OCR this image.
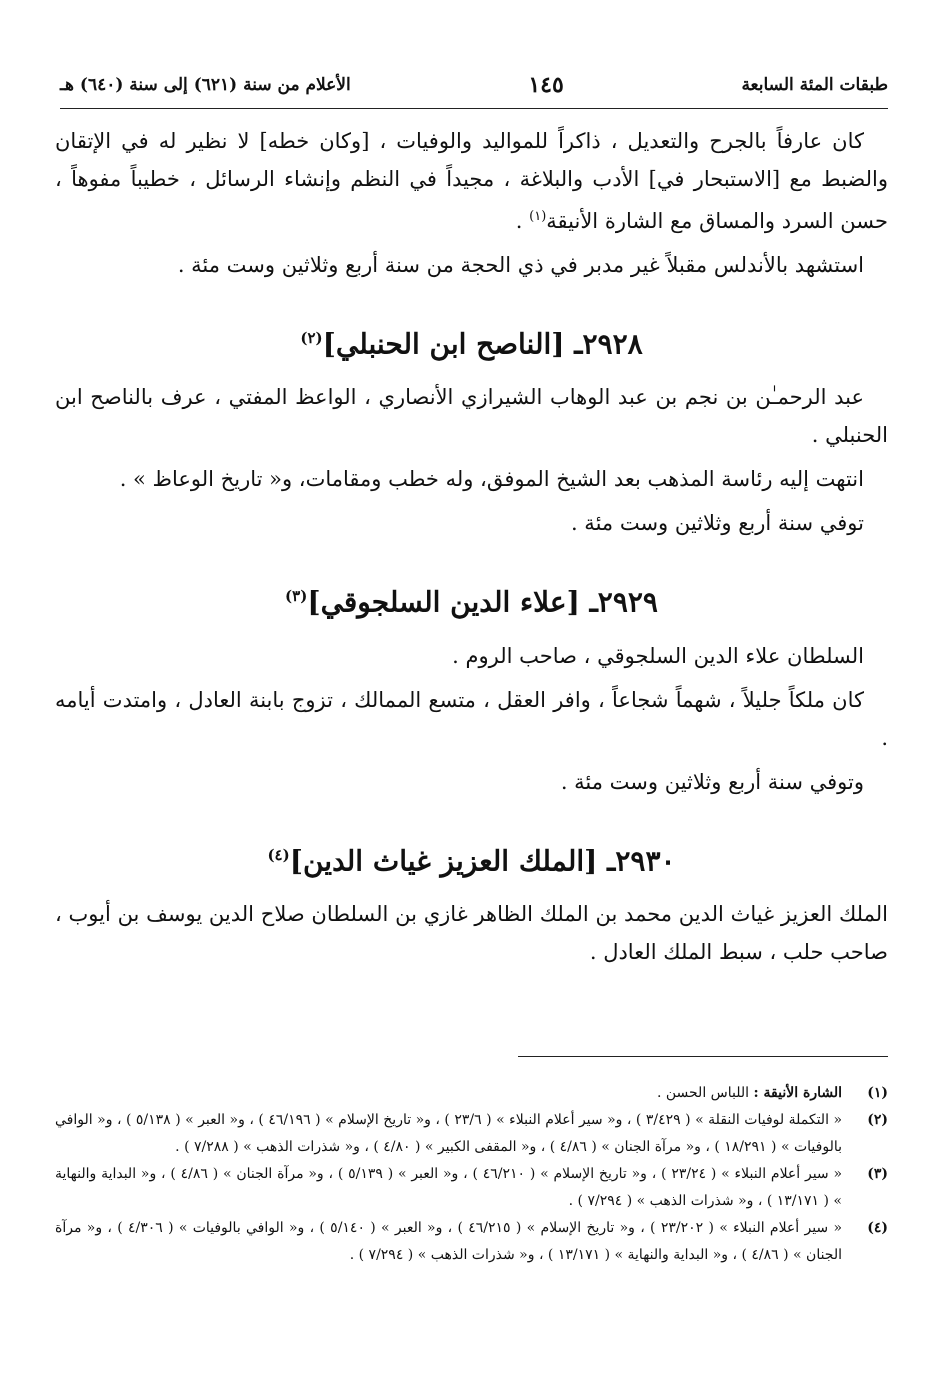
طبقات المئة السابعة
١٤٥
الأعلام من سنة (٦٢١) إلى سنة (٦٤٠) هـ

كان عارفاً بالجرح والتعديل ، ذاكراً للمواليد والوفيات ، [وكان خطه] لا نظير له في الإتقان والضبط مع [الاستبحار في] الأدب والبلاغة ، مجيداً في النظم وإنشاء الرسائل ، خطيباً مفوهاً ، حسن السرد والمساق مع الشارة الأنيقة$^{(١)}$ .

استشهد بالأندلس مقبلاً غير مدبر في ذي الحجة من سنة أربع وثلاثين وست مئة .

٢٩٢٨ـ [الناصح ابن الحنبلي]$^{(٢)}$

عبد الرحمـٰن بن نجم بن عبد الوهاب الشيرازي الأنصاري ، الواعظ المفتي ، عرف بالناصح ابن الحنبلي .

انتهت إليه رئاسة المذهب بعد الشيخ الموفق، وله خطب ومقامات، و« تاريخ الوعاظ » .

توفي سنة أربع وثلاثين وست مئة .

٢٩٢٩ـ [علاء الدين السلجوقي]$^{(٣)}$

السلطان علاء الدين السلجوقي ، صاحب الروم .

كان ملكاً جليلاً ، شهماً شجاعاً ، وافر العقل ، متسع الممالك ، تزوج بابنة العادل ، وامتدت أيامه .

وتوفي سنة أربع وثلاثين وست مئة .

٢٩٣٠ـ [الملك العزيز غياث الدين]$^{(٤)}$

الملك العزيز غياث الدين محمد بن الملك الظاهر غازي بن السلطان صلاح الدين يوسف بن أيوب ، صاحب حلب ، سبط الملك العادل .

(١)
الشارة الأنيقة : اللباس الحسن .
(٢)
« التكملة لوفيات النقلة » ( ٣/٤٢٩ ) ، و« سير أعلام النبلاء » ( ٢٣/٦ ) ، و« تاريخ الإسلام » ( ٤٦/١٩٦ ) ، و« العبر » ( ٥/١٣٨ ) ، و« الوافي بالوفيات » ( ١٨/٢٩١ ) ، و« مرآة الجنان » ( ٤/٨٦ ) ، و« المقفى الكبير » ( ٤/٨٠ ) ، و« شذرات الذهب » ( ٧/٢٨٨ ) .
(٣)
« سير أعلام النبلاء » ( ٢٣/٢٤ ) ، و« تاريخ الإسلام » ( ٤٦/٢١٠ ) ، و« العبر » ( ٥/١٣٩ ) ، و« مرآة الجنان » ( ٤/٨٦ ) ، و« البداية والنهاية » ( ١٣/١٧١ ) ، و« شذرات الذهب » ( ٧/٢٩٤ ) .
(٤)
« سير أعلام النبلاء » ( ٢٣/٢٠٢ ) ، و« تاريخ الإسلام » ( ٤٦/٢١٥ ) ، و« العبر » ( ٥/١٤٠ ) ، و« الوافي بالوفيات » ( ٤/٣٠٦ ) ، و« مرآة الجنان » ( ٤/٨٦ ) ، و« البداية والنهاية » ( ١٣/١٧١ ) ، و« شذرات الذهب » ( ٧/٢٩٤ ) .
